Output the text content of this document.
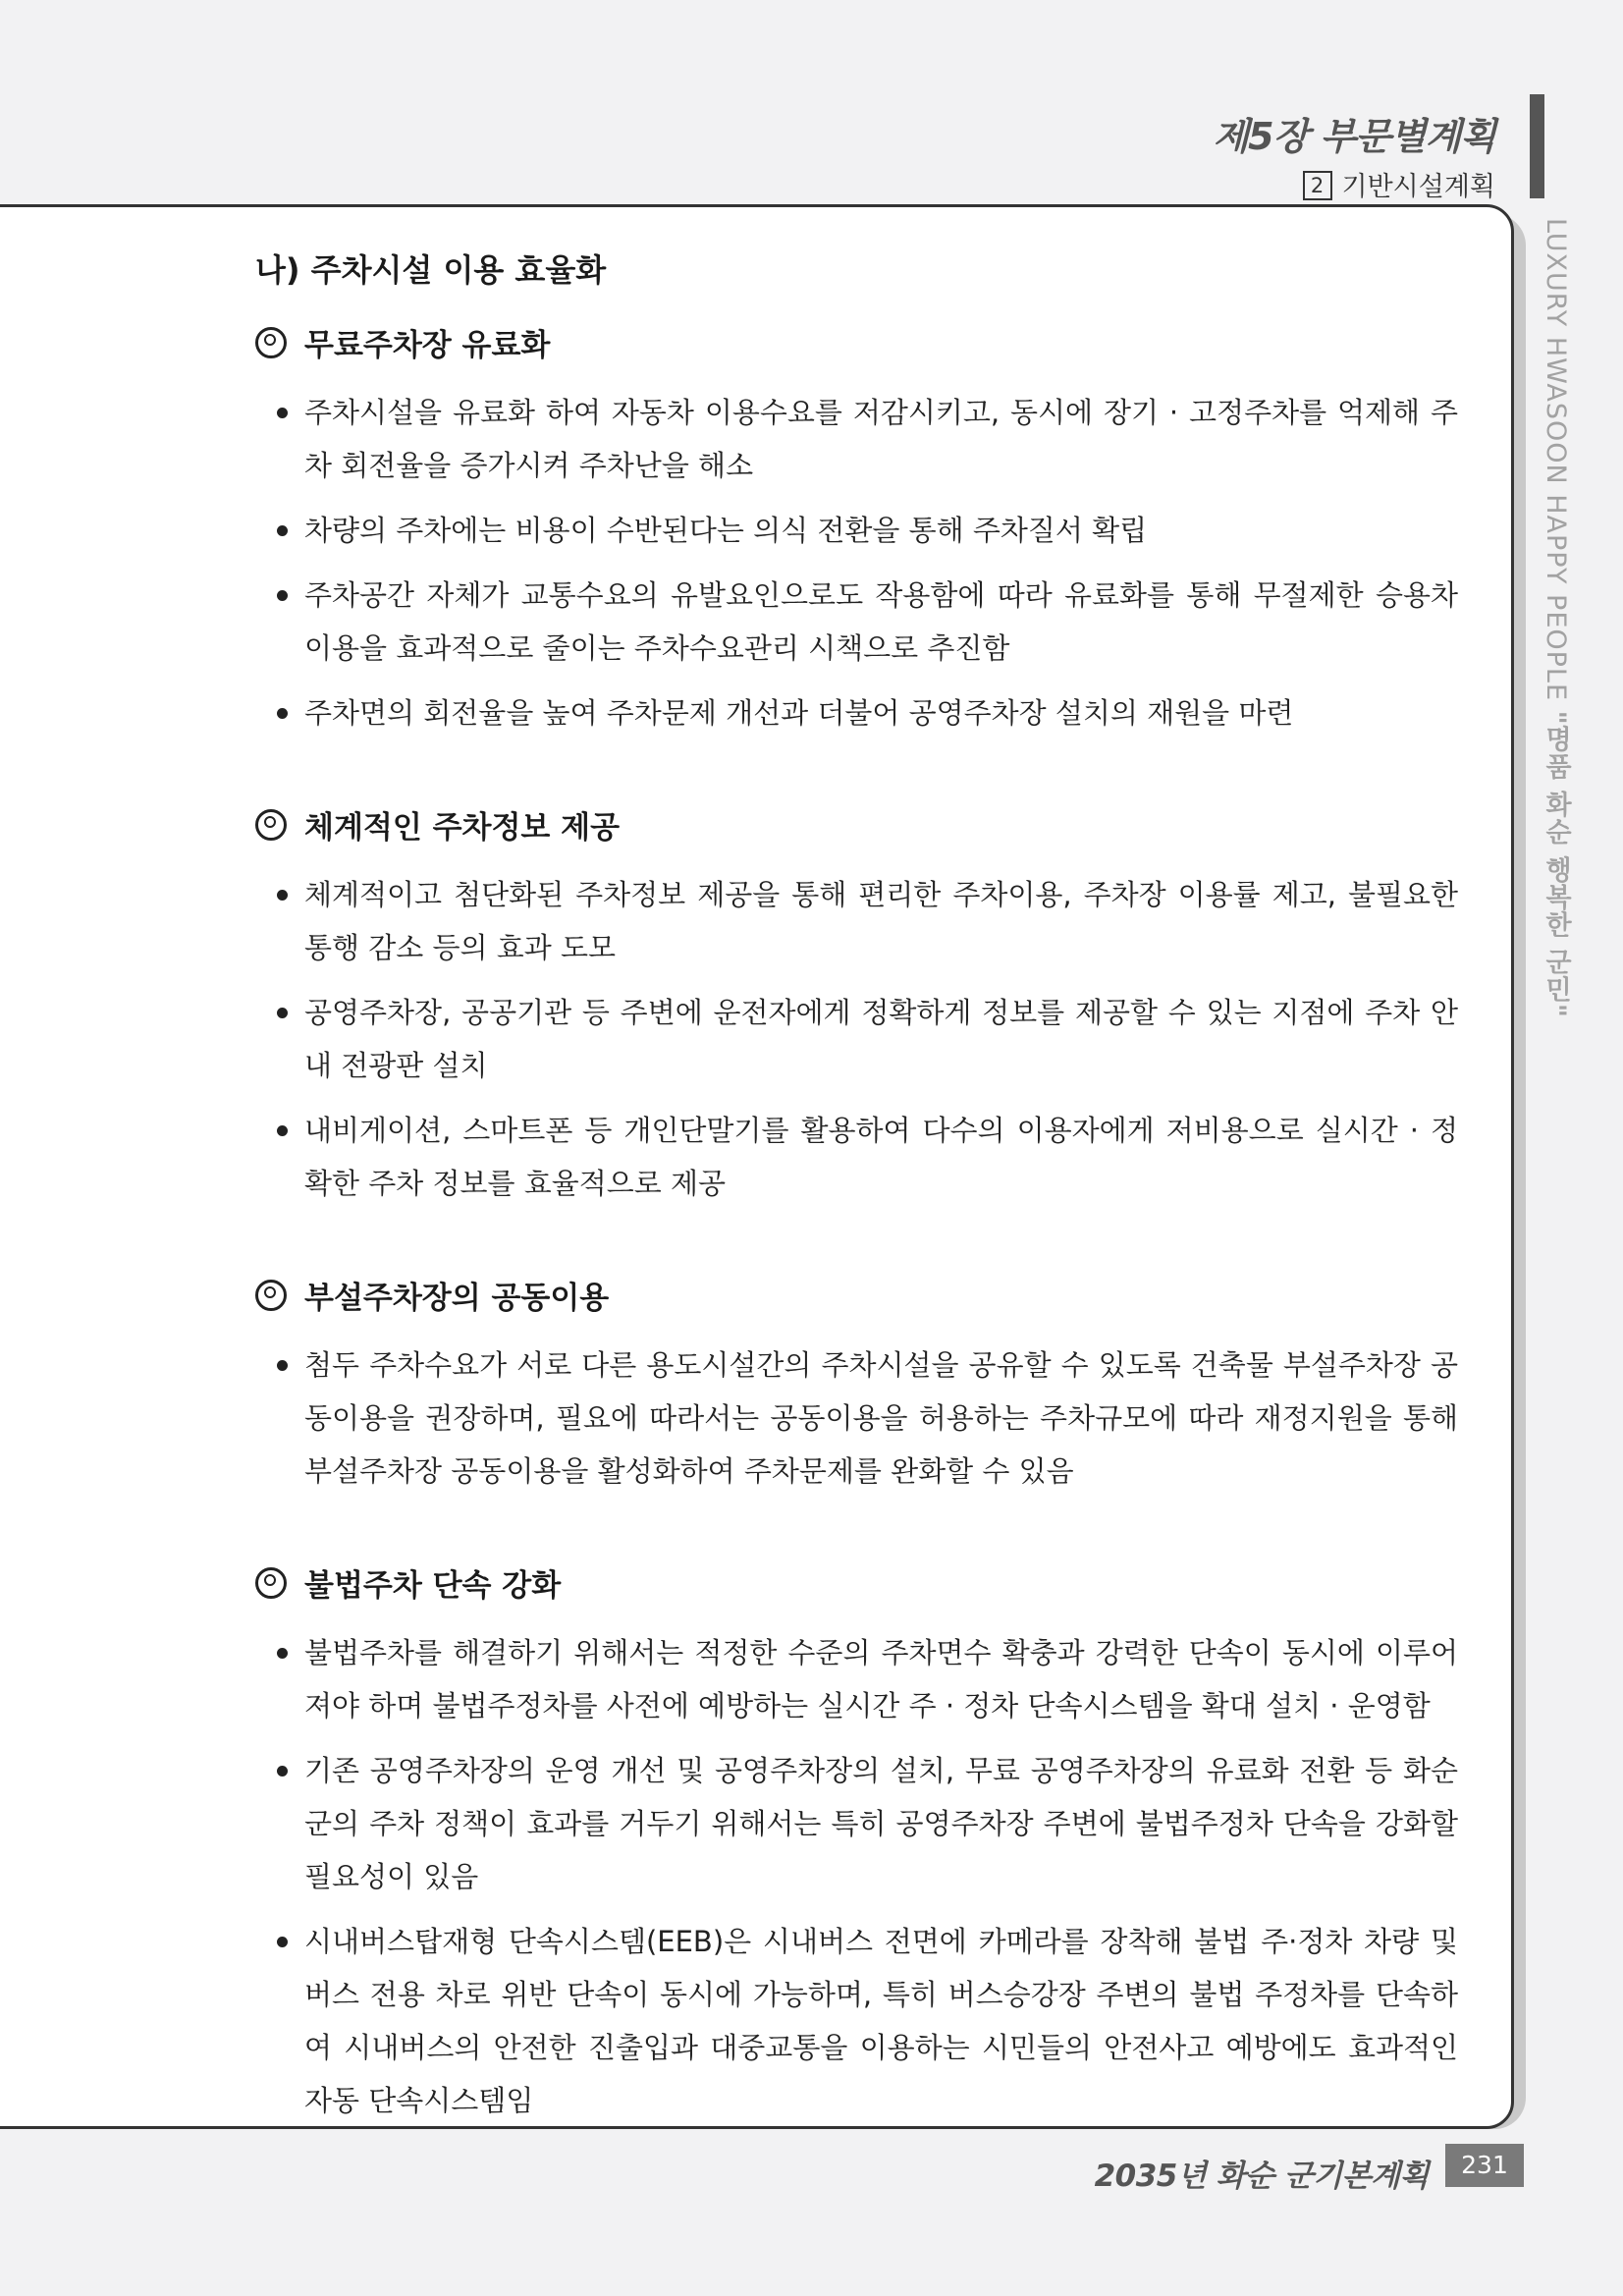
제5장 부문별계획
2 기반시설계획
LUXURY HWASOON HAPPY PEOPLE "명품 화순 행복한 군민"
나) 주차시설 이용 효율화
무료주차장 유료화
주차시설을 유료화 하여 자동차 이용수요를 저감시키고, 동시에 장기 · 고정주차를 억제해 주차 회전율을 증가시켜 주차난을 해소
차량의 주차에는 비용이 수반된다는 의식 전환을 통해 주차질서 확립
주차공간 자체가 교통수요의 유발요인으로도 작용함에 따라 유료화를 통해 무절제한 승용차 이용을 효과적으로 줄이는 주차수요관리 시책으로 추진함
주차면의 회전율을 높여 주차문제 개선과 더불어 공영주차장 설치의 재원을 마련
체계적인 주차정보 제공
체계적이고 첨단화된 주차정보 제공을 통해 편리한 주차이용, 주차장 이용률 제고, 불필요한 통행 감소 등의 효과 도모
공영주차장, 공공기관 등 주변에 운전자에게 정확하게 정보를 제공할 수 있는 지점에 주차 안내 전광판 설치
내비게이션, 스마트폰 등 개인단말기를 활용하여 다수의 이용자에게 저비용으로 실시간 · 정확한 주차 정보를 효율적으로 제공
부설주차장의 공동이용
첨두 주차수요가 서로 다른 용도시설간의 주차시설을 공유할 수 있도록 건축물 부설주차장 공동이용을 권장하며, 필요에 따라서는 공동이용을 허용하는 주차규모에 따라 재정지원을 통해 부설주차장 공동이용을 활성화하여 주차문제를 완화할 수 있음
불법주차 단속 강화
불법주차를 해결하기 위해서는 적정한 수준의 주차면수 확충과 강력한 단속이 동시에 이루어져야 하며 불법주정차를 사전에 예방하는 실시간 주 · 정차 단속시스템을 확대 설치 · 운영함
기존 공영주차장의 운영 개선 및 공영주차장의 설치, 무료 공영주차장의 유료화 전환 등 화순군의 주차 정책이 효과를 거두기 위해서는 특히 공영주차장 주변에 불법주정차 단속을 강화할 필요성이 있음
시내버스탑재형 단속시스템(EEB)은 시내버스 전면에 카메라를 장착해 불법 주·정차 차량 및 버스 전용 차로 위반 단속이 동시에 가능하며, 특히 버스승강장 주변의 불법 주정차를 단속하여 시내버스의 안전한 진출입과 대중교통을 이용하는 시민들의 안전사고 예방에도 효과적인 자동 단속시스템임
2035년 화순 군기본계획	231
